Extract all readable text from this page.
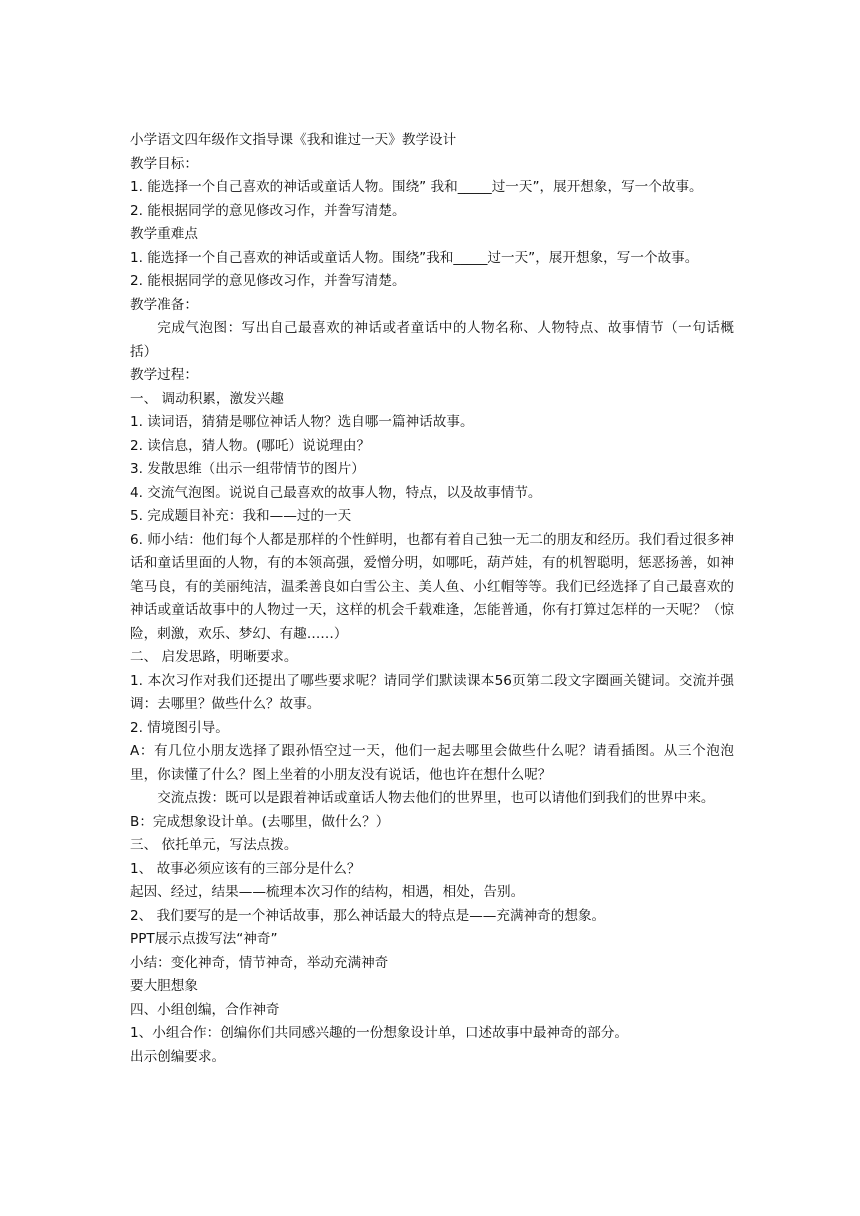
小学语文四年级作文指导课《我和谁过一天》教学设计
教学目标：
1. 能选择一个自己喜欢的神话或童话人物。围绕” 我和_____过一天”，展开想象，写一个故事。
2. 能根据同学的意见修改习作，并誊写清楚。
教学重难点
1. 能选择一个自己喜欢的神话或童话人物。围绕”我和_____过一天”，展开想象，写一个故事。
2. 能根据同学的意见修改习作，并誊写清楚。
教学准备：
完成气泡图：写出自己最喜欢的神话或者童话中的人物名称、人物特点、故事情节（一句话概括）
教学过程：
一、 调动积累，激发兴趣
1. 读词语，猜猜是哪位神话人物？选自哪一篇神话故事。
2. 读信息，猜人物。(哪吒）说说理由？
3. 发散思维（出示一组带情节的图片）
4. 交流气泡图。说说自己最喜欢的故事人物，特点，以及故事情节。
5. 完成题目补充：我和——过的一天
6. 师小结：他们每个人都是那样的个性鲜明，也都有着自己独一无二的朋友和经历。我们看过很多神话和童话里面的人物，有的本领高强，爱憎分明，如哪吒，葫芦娃，有的机智聪明，惩恶扬善，如神笔马良，有的美丽纯洁，温柔善良如白雪公主、美人鱼、小红帽等等。我们已经选择了自己最喜欢的神话或童话故事中的人物过一天，这样的机会千载难逢，怎能普通，你有打算过怎样的一天呢？（惊险，刺激，欢乐、梦幻、有趣……）
二、 启发思路，明晰要求。
1. 本次习作对我们还提出了哪些要求呢？请同学们默读课本56页第二段文字圈画关键词。交流并强调：去哪里？做些什么？故事。
2. 情境图引导。
A：有几位小朋友选择了跟孙悟空过一天，他们一起去哪里会做些什么呢？请看插图。从三个泡泡里，你读懂了什么？图上坐着的小朋友没有说话，他也许在想什么呢？
交流点拨：既可以是跟着神话或童话人物去他们的世界里，也可以请他们到我们的世界中来。
B：完成想象设计单。(去哪里，做什么？）
三、 依托单元，写法点拨。
1、 故事必须应该有的三部分是什么？
起因、经过，结果——梳理本次习作的结构，相遇，相处，告别。
2、 我们要写的是一个神话故事，那么神话最大的特点是——充满神奇的想象。
PPT展示点拨写法“神奇”
小结：变化神奇，情节神奇，举动充满神奇
要大胆想象
四、小组创编，合作神奇
1、小组合作：创编你们共同感兴趣的一份想象设计单，口述故事中最神奇的部分。
出示创编要求。
